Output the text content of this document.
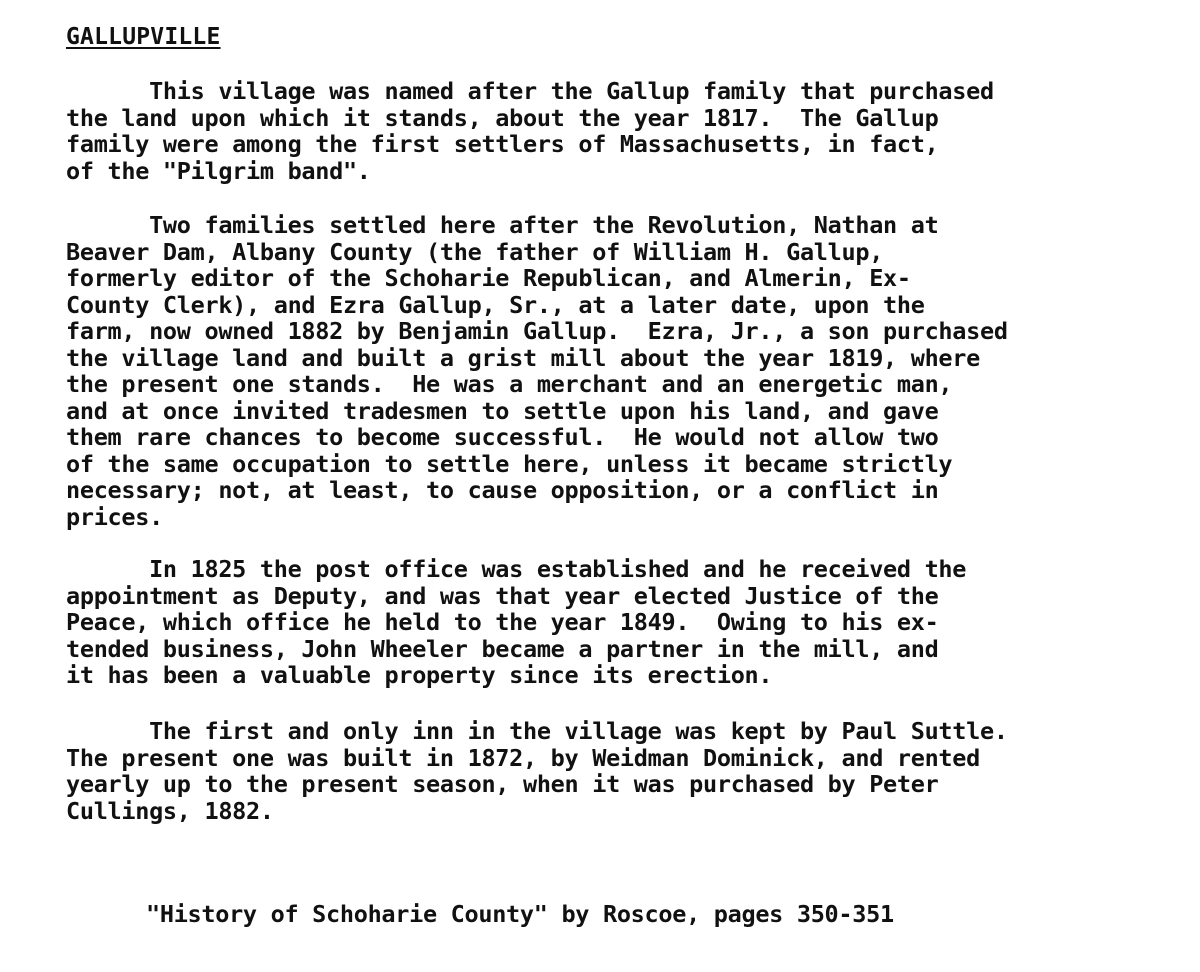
GALLUPVILLE
This village was named after the Gallup family that purchased
the land upon which it stands, about the year 1817.  The Gallup
family were among the first settlers of Massachusetts, in fact,
of the "Pilgrim band".
Two families settled here after the Revolution, Nathan at
Beaver Dam, Albany County (the father of William H. Gallup,
formerly editor of the Schoharie Republican, and Almerin, Ex-
County Clerk), and Ezra Gallup, Sr., at a later date, upon the
farm, now owned 1882 by Benjamin Gallup.  Ezra, Jr., a son purchased
the village land and built a grist mill about the year 1819, where
the present one stands.  He was a merchant and an energetic man,
and at once invited tradesmen to settle upon his land, and gave
them rare chances to become successful.  He would not allow two
of the same occupation to settle here, unless it became strictly
necessary; not, at least, to cause opposition, or a conflict in
prices.
In 1825 the post office was established and he received the
appointment as Deputy, and was that year elected Justice of the
Peace, which office he held to the year 1849.  Owing to his ex-
tended business, John Wheeler became a partner in the mill, and
it has been a valuable property since its erection.
The first and only inn in the village was kept by Paul Suttle.
The present one was built in 1872, by Weidman Dominick, and rented
yearly up to the present season, when it was purchased by Peter
Cullings, 1882.
"History of Schoharie County" by Roscoe, pages 350-351
